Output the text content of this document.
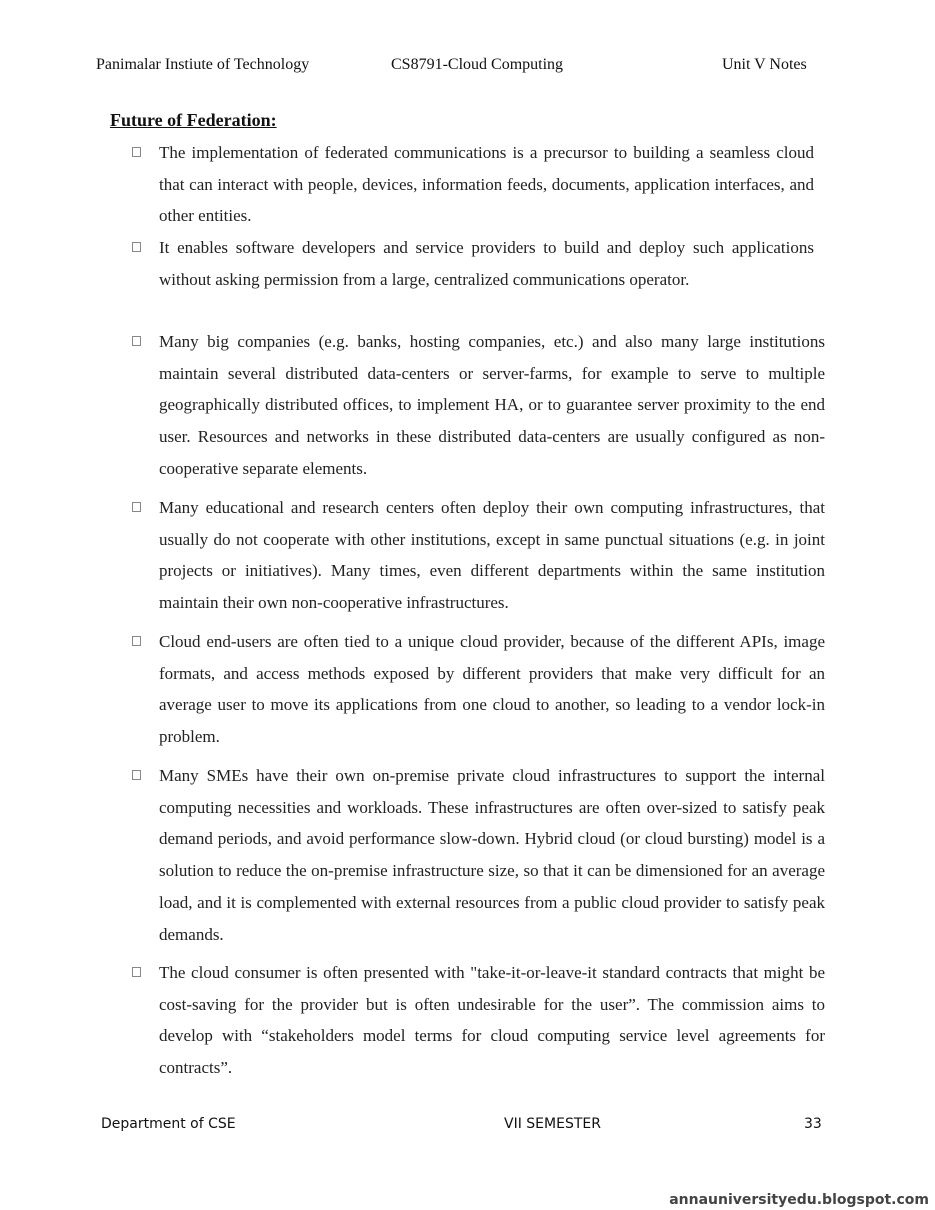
Panimalar Instiute of Technology	CS8791-Cloud Computing	Unit V Notes
Future of Federation:
The implementation of federated communications is a precursor to building a seamless cloud that can interact with people, devices, information feeds, documents, application interfaces, and other entities.
It enables software developers and service providers to build and deploy such applications without asking permission from a large, centralized communications operator.
Many big companies (e.g. banks, hosting companies, etc.) and also many large institutions maintain several distributed data-centers or server-farms, for example to serve to multiple geographically distributed offices, to implement HA, or to guarantee server proximity to the end user. Resources and networks in these distributed data-centers are usually configured as non-cooperative separate elements.
Many educational and research centers often deploy their own computing infrastructures, that usually do not cooperate with other institutions, except in same punctual situations (e.g. in joint projects or initiatives). Many times, even different departments within the same institution maintain their own non-cooperative infrastructures.
Cloud end-users are often tied to a unique cloud provider, because of the different APIs, image formats, and access methods exposed by different providers that make very difficult for an average user to move its applications from one cloud to another, so leading to a vendor lock-in problem.
Many SMEs have their own on-premise private cloud infrastructures to support the internal computing necessities and workloads. These infrastructures are often over-sized to satisfy peak demand periods, and avoid performance slow-down. Hybrid cloud (or cloud bursting) model is a solution to reduce the on-premise infrastructure size, so that it can be dimensioned for an average load, and it is complemented with external resources from a public cloud provider to satisfy peak demands.
The cloud consumer is often presented with "take-it-or-leave-it standard contracts that might be cost-saving for the provider but is often undesirable for the user”. The commission aims to develop with “stakeholders model terms for cloud computing service level agreements for contracts”.
Department of CSE	VII SEMESTER	33
annauniversityedu.blogspot.com
